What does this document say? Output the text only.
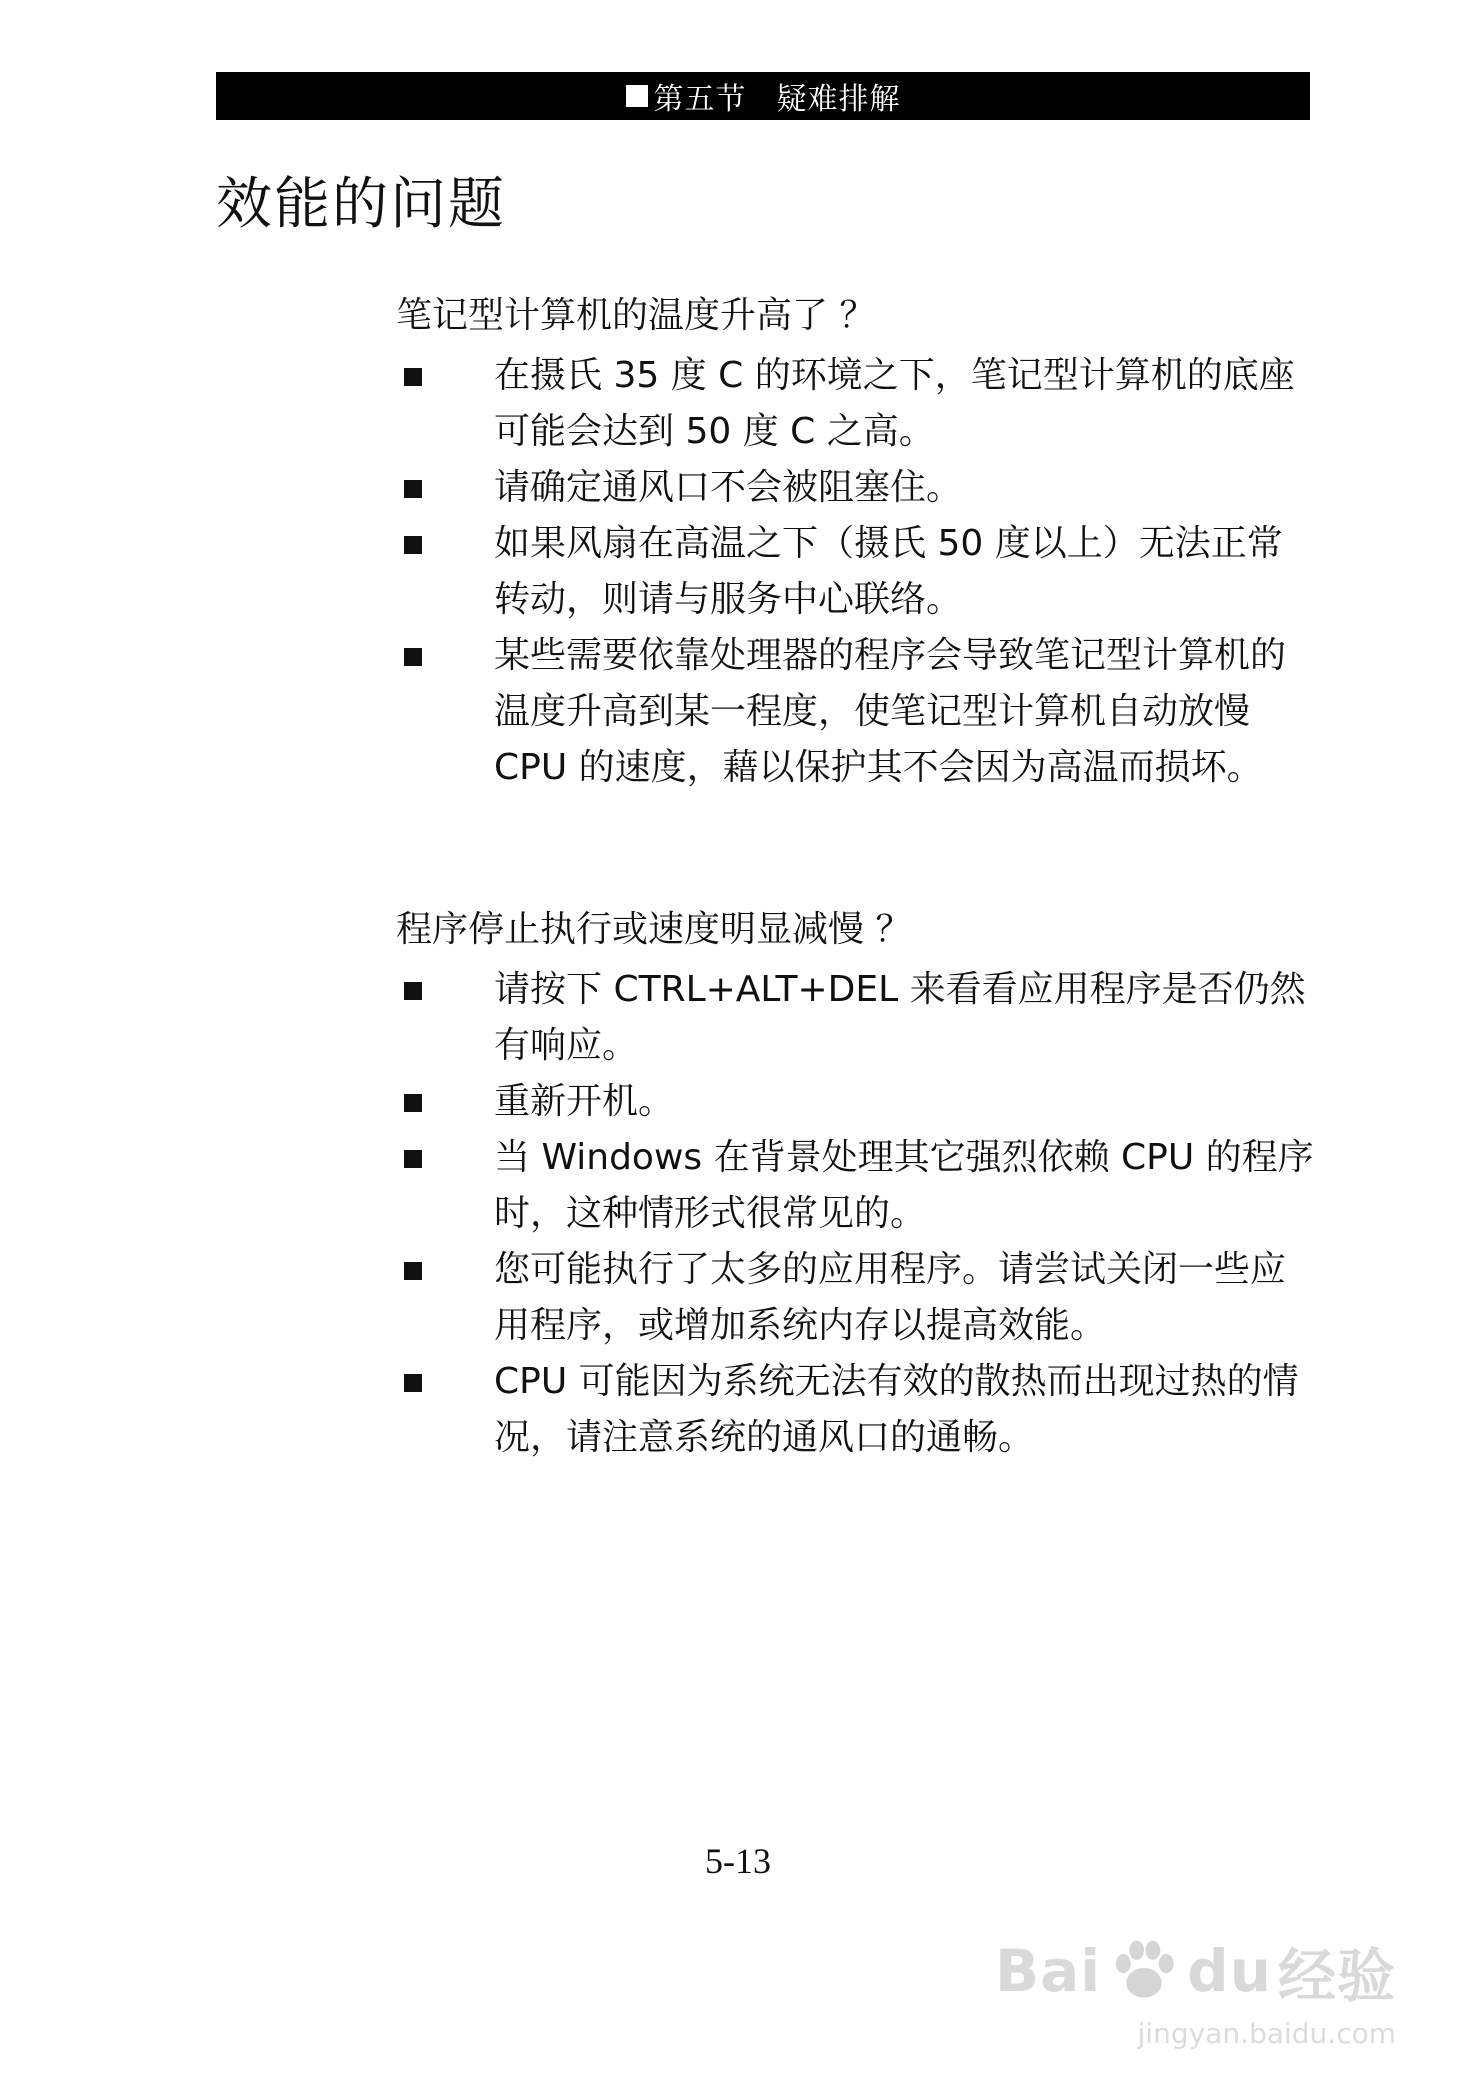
第五节 疑难排解
效能的问题
笔记型计算机的温度升高了 ？
在摄氏 35 度 C 的环境之下，笔记型计算机的底座可能会达到 50 度 C 之高。
请确定通风口不会被阻塞住。
如果风扇在高温之下（摄氏 50 度以上）无法正常转动，则请与服务中心联络。
某些需要依靠处理器的程序会导致笔记型计算机的温度升高到某一程度，使笔记型计算机自动放慢 CPU 的速度，藉以保护其不会因为高温而损坏。
程序停止执行或速度明显减慢 ？
请按下 CTRL+ALT+DEL 来看看应用程序是否仍然有响应。
重新开机。
当 Windows 在背景处理其它强烈依赖 CPU 的程序时，这种情形式很常见的。
您可能执行了太多的应用程序。请尝试关闭一些应用程序，或增加系统内存以提高效能。
CPU 可能因为系统无法有效的散热而出现过热的情况，请注意系统的通风口的通畅。
5-13
Bai du 经验
jingyan.baidu.com
